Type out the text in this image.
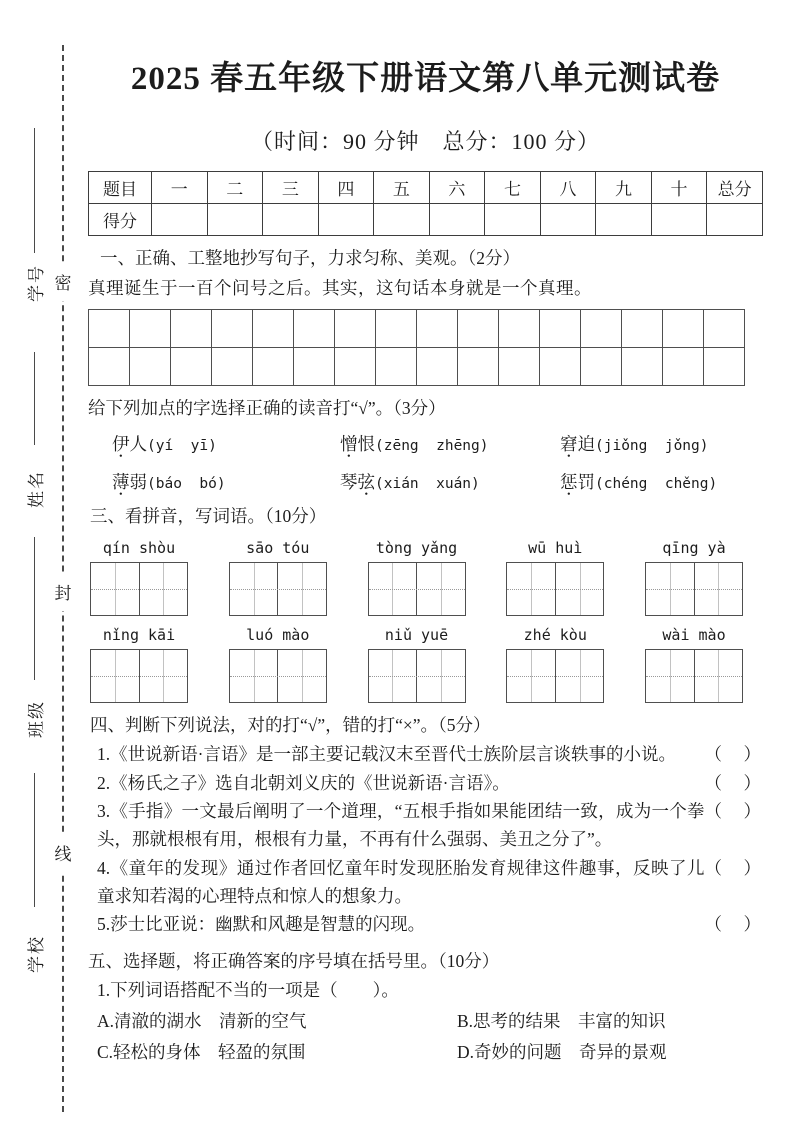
密
封
线
学号
姓名
班级
学校
2025 春五年级下册语文第八单元测试卷
（时间：90 分钟　总分：100 分）
题目	一	二	三	四	五	六	七	八	九	十	总分
得分											
一、正确、工整地抄写句子，力求匀称、美观。（2分）
真理诞生于一百个问号之后。其实，这句话本身就是一个真理。

给下列加点的字选择正确的读音打“√”。（3分）
伊人(yí  yī)	憎恨(zēng  zhēng)	窘迫(jiǒng  jǒng)
薄弱(báo  bó)	琴弦(xián  xuán)	惩罚(chéng  chěng)
三、看拼音，写词语。（10分）
qín shòu	sāo tóu	tòng yǎng	wū huì	qīng yà
nǐng kāi	luó mào	niǔ yuē	zhé kòu	wài mào
四、判断下列说法，对的打“√”，错的打“×”。（5分）
（　）
1.《世说新语·言语》是一部主要记载汉末至晋代士族阶层言谈轶事的小说。
（　）
2.《杨氏之子》选自北朝刘义庆的《世说新语·言语》。
（　）
3.《手指》一文最后阐明了一个道理，“五根手指如果能团结一致，成为一个拳头，那就根根有用，根根有力量，不再有什么强弱、美丑之分了”。
（　）
4.《童年的发现》通过作者回忆童年时发现胚胎发育规律这件趣事，反映了儿童求知若渴的心理特点和惊人的想象力。
（　）
5.莎士比亚说：幽默和风趣是智慧的闪现。
五、选择题，将正确答案的序号填在括号里。（10分）
1.下列词语搭配不当的一项是（　　）。
A.清澈的湖水　清新的空气	B.思考的结果　丰富的知识
C.轻松的身体　轻盈的氛围	D.奇妙的问题　奇异的景观
